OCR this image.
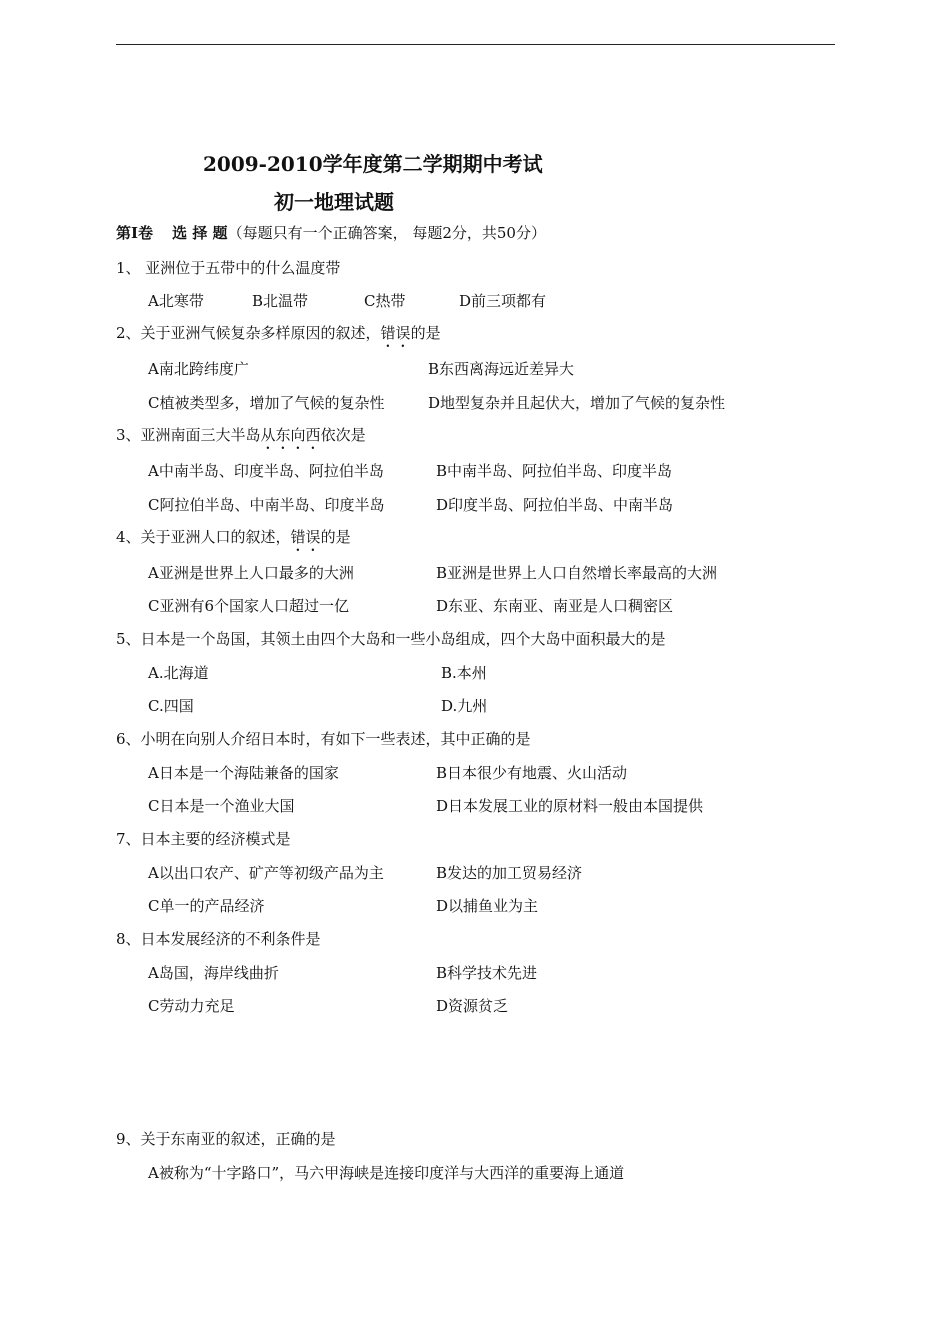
2009-2010学年度第二学期期中考试
初一地理试题
第Ⅰ卷 选 择 题（每题只有一个正确答案， 每题2分，共50分）
1、 亚洲位于五带中的什么温度带
A北寒带	B北温带	C热带	D前三项都有
2、关于亚洲气候复杂多样原因的叙述，错误的是
A南北跨纬度广	B东西离海远近差异大
C植被类型多，增加了气候的复杂性	D地型复杂并且起伏大，增加了气候的复杂性
3、亚洲南面三大半岛从东向西依次是
A中南半岛、印度半岛、阿拉伯半岛	B中南半岛、阿拉伯半岛、印度半岛
C阿拉伯半岛、中南半岛、印度半岛	D印度半岛、阿拉伯半岛、中南半岛
4、关于亚洲人口的叙述，错误的是
A亚洲是世界上人口最多的大洲	B亚洲是世界上人口自然增长率最高的大洲
C亚洲有6个国家人口超过一亿	D东亚、东南亚、南亚是人口稠密区
5、日本是一个岛国，其领土由四个大岛和一些小岛组成，四个大岛中面积最大的是
A.北海道	B.本州
C.四国	D.九州
6、小明在向别人介绍日本时，有如下一些表述，其中正确的是
A日本是一个海陆兼备的国家	B日本很少有地震、火山活动
C日本是一个渔业大国	D日本发展工业的原材料一般由本国提供
7、日本主要的经济模式是
A以出口农产、矿产等初级产品为主	B发达的加工贸易经济
C单一的产品经济	D以捕鱼业为主
8、日本发展经济的不利条件是
A岛国，海岸线曲折	B科学技术先进
C劳动力充足	D资源贫乏
9、关于东南亚的叙述，正确的是
A被称为“十字路口”，马六甲海峡是连接印度洋与大西洋的重要海上通道
